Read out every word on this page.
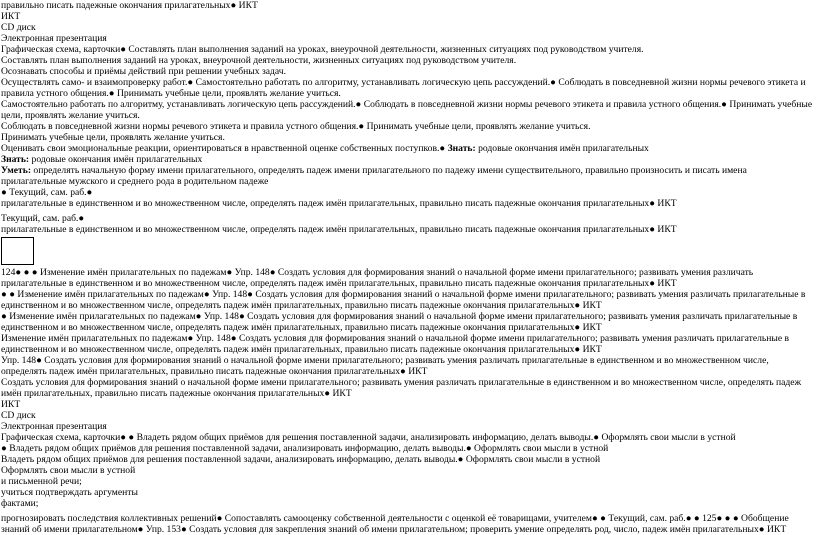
правильно писать падежные окончания прилагательных● ИКТ
ИКТ
CD диск
Электронная презентация
Графическая схема, карточки● Составлять план выполнения заданий на уроках, внеурочной деятельности, жизненных ситуациях под руководством учителя.
Составлять план выполнения заданий на уроках, внеурочной деятельности, жизненных ситуациях под руководством учителя.
Осознавать способы и приёмы действий при решении учебных задач.
Осуществлять само- и взаимопроверку работ.● Самостоятельно работать по алгоритму, устанавливать логическую цепь рассуждений.● Соблюдать в повседневной жизни нормы речевого этикета и правила устного общения.● Принимать учебные цели, проявлять желание учиться.
Самостоятельно работать по алгоритму, устанавливать логическую цепь рассуждений.● Соблюдать в повседневной жизни нормы речевого этикета и правила устного общения.● Принимать учебные цели, проявлять желание учиться.
Соблюдать в повседневной жизни нормы речевого этикета и правила устного общения.● Принимать учебные цели, проявлять желание учиться.
Принимать учебные цели, проявлять желание учиться.
Оценивать свои эмоциональные реакции, ориентироваться в нравственной оценке собственных поступков.● Знать: родовые окончания имён прилагательных
Знать: родовые окончания имён прилагательных
Уметь: определять начальную форму имени прилагательного, определять падеж имени прилагательного по падежу имени существительного, правильно произносить и писать имена прилагательные мужского и среднего рода в родительном падеже
● Текущий, сам. раб.●
прилагательные в единственном и во множественном числе, определять падеж имён прилагательных, правильно писать падежные окончания прилагательных● ИКТ
Текущий, сам. раб.●
прилагательные в единственном и во множественном числе, определять падеж имён прилагательных, правильно писать падежные окончания прилагательных● ИКТ
124● ● ● Изменение имён прилагательных по падежам● Упр. 148● Создать условия для формирования знаний о начальной форме имени прилагательного; развивать умения различать прилагательные в единственном и во множественном числе, определять падеж имён прилагательных, правильно писать падежные окончания прилагательных● ИКТ
● ● Изменение имён прилагательных по падежам● Упр. 148● Создать условия для формирования знаний о начальной форме имени прилагательного; развивать умения различать прилагательные в единственном и во множественном числе, определять падеж имён прилагательных, правильно писать падежные окончания прилагательных● ИКТ
● Изменение имён прилагательных по падежам● Упр. 148● Создать условия для формирования знаний о начальной форме имени прилагательного; развивать умения различать прилагательные в единственном и во множественном числе, определять падеж имён прилагательных, правильно писать падежные окончания прилагательных● ИКТ
Изменение имён прилагательных по падежам● Упр. 148● Создать условия для формирования знаний о начальной форме имени прилагательного; развивать умения различать прилагательные в единственном и во множественном числе, определять падеж имён прилагательных, правильно писать падежные окончания прилагательных● ИКТ
Упр. 148● Создать условия для формирования знаний о начальной форме имени прилагательного; развивать умения различать прилагательные в единственном и во множественном числе, определять падеж имён прилагательных, правильно писать падежные окончания прилагательных● ИКТ
Создать условия для формирования знаний о начальной форме имени прилагательного; развивать умения различать прилагательные в единственном и во множественном числе, определять падеж имён прилагательных, правильно писать падежные окончания прилагательных● ИКТ
ИКТ
CD диск
Электронная презентация
Графическая схема, карточки● ● Владеть рядом общих приёмов для решения поставленной задачи, анализировать информацию, делать выводы.● Оформлять свои мысли в устной
● Владеть рядом общих приёмов для решения поставленной задачи, анализировать информацию, делать выводы.● Оформлять свои мысли в устной
Владеть рядом общих приёмов для решения поставленной задачи, анализировать информацию, делать выводы.● Оформлять свои мысли в устной
Оформлять свои мысли в устной
и письменной речи;
учиться подтверждать аргументы
фактами;
прогнозировать последствия коллективных решений● Сопоставлять самооценку собственной деятельности с оценкой её товарищами, учителем● ● Текущий, сам. раб.● ● 125● ● ● Обобщение знаний об имени прилагательном● Упр. 153● Создать условия для закрепления знаний об имени прилагательном; проверить умение определять род, число, падеж имён прилагательных● ИКТ
